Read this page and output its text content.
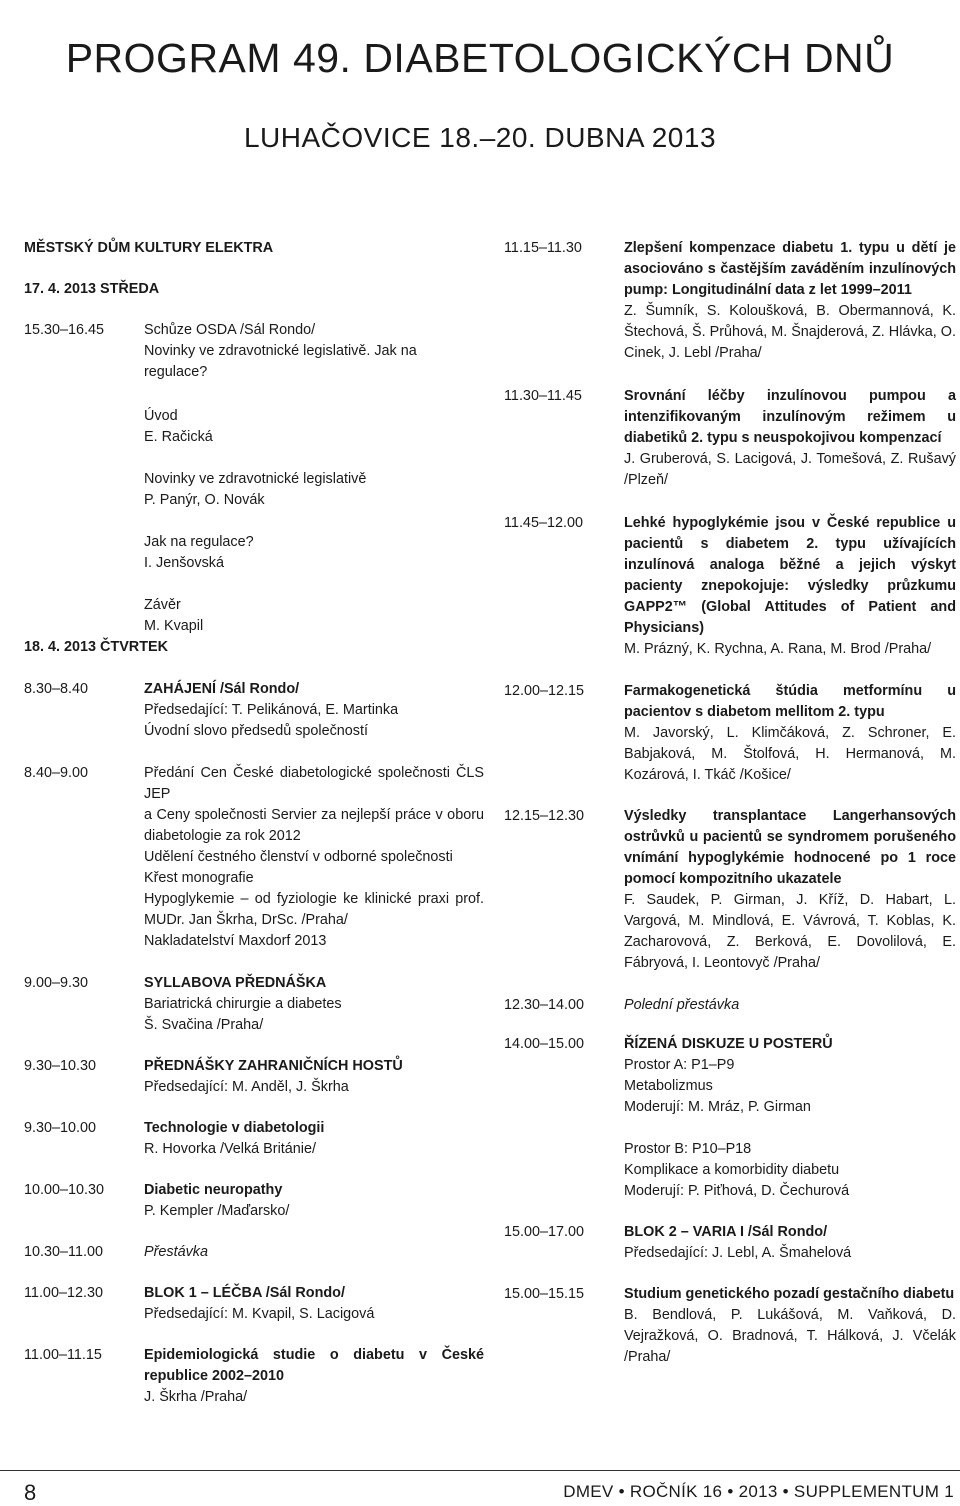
PROGRAM 49. DIABETOLOGICKÝCH DNŮ
LUHAČOVICE 18.–20. DUBNA 2013
MĚSTSKÝ DŮM KULTURY ELEKTRA
17. 4. 2013 STŘEDA
15.30–16.45	Schůze OSDA /Sál Rondo/
Novinky ve zdravotnické legislativě. Jak na regulace?
Úvod
E. Račická
Novinky ve zdravotnické legislativě
P. Panýr, O. Novák
Jak na regulace?
I. Jenšovská
Závěr
M. Kvapil
18. 4. 2013 ČTVRTEK
8.30–8.40	ZAHÁJENÍ /Sál Rondo/
Předsedající: T. Pelikánová, E. Martinka
Úvodní slovo předsedů společností
8.40–9.00	Předání Cen České diabetologické společnosti ČLS JEP
a Ceny společnosti Servier za nejlepší práce v oboru diabetologie za rok 2012
Udělení čestného členství v odborné společnosti
Křest monografie
Hypoglykemie – od fyziologie ke klinické praxi prof. MUDr. Jan Škrha, DrSc. /Praha/
Nakladatelství Maxdorf 2013
9.00–9.30	SYLLABOVA PŘEDNÁŠKA
Bariatrická chirurgie a diabetes
Š. Svačina /Praha/
9.30–10.30	PŘEDNÁŠKY ZAHRANIČNÍCH HOSTŮ
Předsedající: M. Anděl, J. Škrha
9.30–10.00	Technologie v diabetologii
R. Hovorka /Velká Británie/
10.00–10.30	Diabetic neuropathy
P. Kempler /Maďarsko/
10.30–11.00	Přestávka
11.00–12.30	BLOK 1 – LÉČBA /Sál Rondo/
Předsedající: M. Kvapil, S. Lacigová
11.00–11.15	Epidemiologická studie o diabetu v České republice 2002–2010
J. Škrha /Praha/
11.15–11.30	Zlepšení kompenzace diabetu 1. typu u dětí je asociováno s častějším zaváděním inzulínových pump: Longitudinální data z let 1999–2011
Z. Šumník, S. Koloušková, B. Obermannová, K. Štechová, Š. Průhová, M. Šnajderová, Z. Hlávka, O. Cinek, J. Lebl /Praha/
11.30–11.45	Srovnání léčby inzulínovou pumpou a intenzifikovaným inzulínovým režimem u diabetiků 2. typu s neuspokojivou kompenzací
J. Gruberová, S. Lacigová, J. Tomešová, Z. Rušavý /Plzeň/
11.45–12.00	Lehké hypoglykémie jsou v České republice u pacientů s diabetem 2. typu užívajících inzulínová analoga běžné a jejich výskyt pacienty znepokojuje: výsledky průzkumu GAPP2™ (Global Attitudes of Patient and Physicians)
M. Prázný, K. Rychna, A. Rana, M. Brod /Praha/
12.00–12.15	Farmakogenetická štúdia metformínu u pacientov s diabetom mellitom 2. typu
M. Javorský, L. Klimčáková, Z. Schroner, E. Babjaková, M. Štolfová, H. Hermanová, M. Kozárová, I. Tkáč /Košice/
12.15–12.30	Výsledky transplantace Langerhansových ostrůvků u pacientů se syndromem porušeného vnímání hypoglykémie hodnocené po 1 roce pomocí kompozitního ukazatele
F. Saudek, P. Girman, J. Kříž, D. Habart, L. Vargová, M. Mindlová, E. Vávrová, T. Koblas, K. Zacharovová, Z. Berková, E. Dovolilová, E. Fábryová, I. Leontovyč /Praha/
12.30–14.00	Polední přestávka
14.00–15.00	ŘÍZENÁ DISKUZE U POSTERŮ
Prostor A: P1–P9
Metabolizmus
Moderují: M. Mráz, P. Girman
Prostor B: P10–P18
Komplikace a komorbidity diabetu
Moderují: P. Piťhová, D. Čechurová
15.00–17.00	BLOK 2 – VARIA I /Sál Rondo/
Předsedající: J. Lebl, A. Šmahelová
15.00–15.15	Studium genetického pozadí gestačního diabetu
B. Bendlová, P. Lukášová, M. Vaňková, D. Vejražková, O. Bradnová, T. Hálková, J. Včelák /Praha/
8	DMEV • ROČNÍK 16 • 2013 • SUPPLEMENTUM 1
